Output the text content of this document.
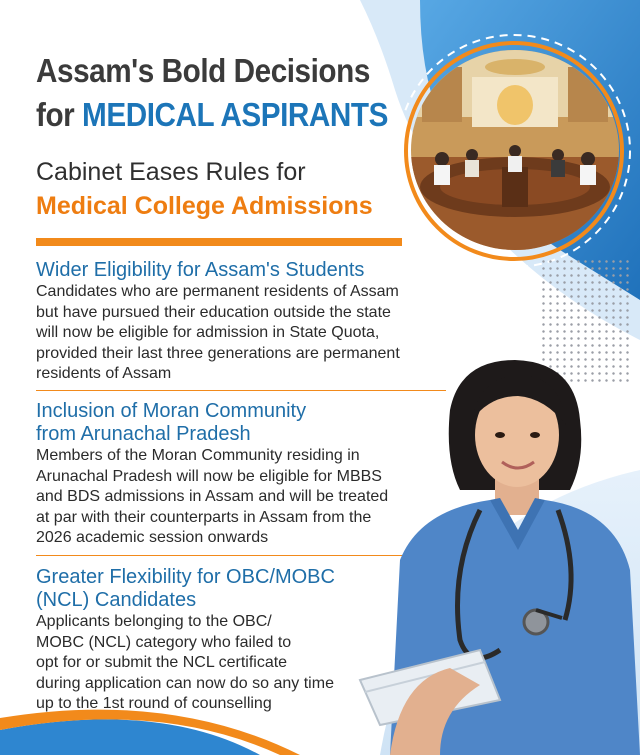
Assam's Bold Decisions
for MEDICAL ASPIRANTS
Cabinet Eases Rules for
Medical College Admissions
Wider Eligibility for Assam's Students
Candidates who are permanent residents of Assam
but have pursued their education outside the state
will now be eligible for admission in State Quota,
provided their last three generations are permanent
residents of Assam
Inclusion of Moran Community
from Arunachal Pradesh
Members of the Moran Community residing in
Arunachal Pradesh will now be eligible for MBBS
and BDS admissions in Assam and will be treated
at par with their counterparts in Assam from the
2026 academic session onwards
Greater Flexibility for OBC/MOBC
(NCL) Candidates
Applicants belonging to the OBC/
MOBC (NCL) category who failed to
opt for or submit the NCL certificate
during application can now do so any time
up to the 1st round of counselling
